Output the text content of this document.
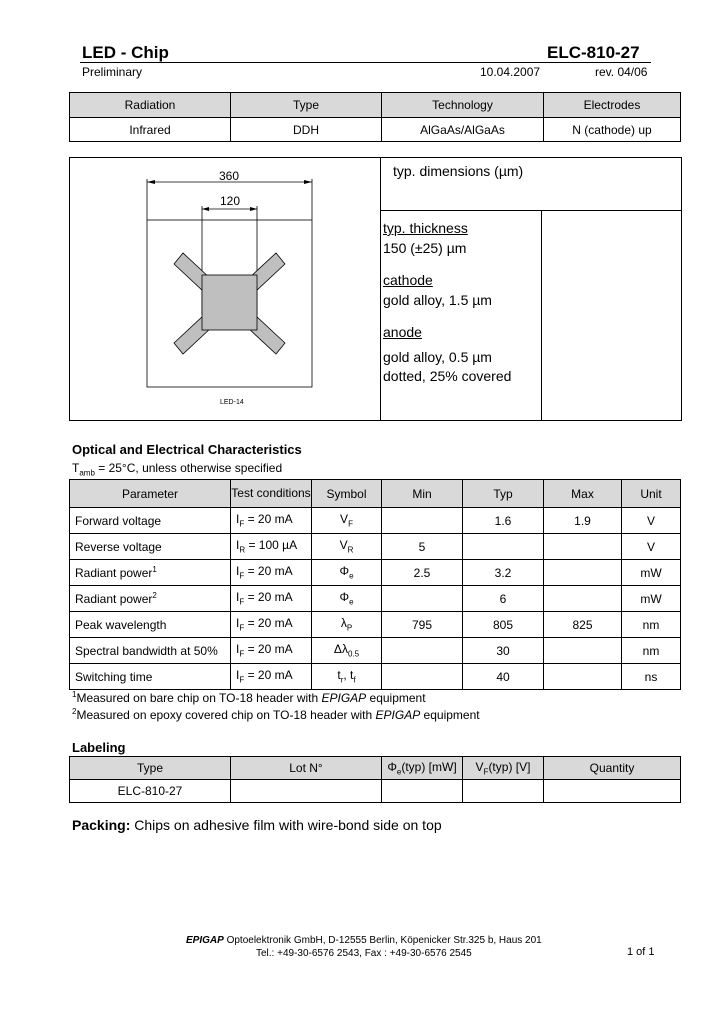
LED - Chip	ELC-810-27
Preliminary	10.04.2007	rev. 04/06
Radiation	Type	Technology	Electrodes
Infrared	DDH	AlGaAs/AlGaAs	N (cathode) up
360
120
LED-14
typ. dimensions (µm)
typ. thickness
150 (±25) µm
cathode
gold alloy, 1.5 µm
anode
gold alloy, 0.5 µm
dotted, 25% covered
Optical and Electrical Characteristics
$T_{amb} = 25^\circ C$, unless otherwise specified
Parameter	Test conditions	Symbol	Min	Typ	Max	Unit
Forward voltage	$I_F = 20$ mA	$V_F$		1.6	1.9	V
Reverse voltage	$I_R = 100$ µA	$V_R$	5			V
Radiant power$^1$	$I_F = 20$ mA	$\Phi_e$	2.5	3.2		mW
Radiant power$^2$	$I_F = 20$ mA	$\Phi_e$		6		mW
Peak wavelength	$I_F = 20$ mA	$\lambda_P$	795	805	825	nm
Spectral bandwidth at 50%	$I_F = 20$ mA	$\Delta\lambda_{0.5}$		30		nm
Switching time	$I_F = 20$ mA	$t_r$, $t_f$		40		ns
$^1$Measured on bare chip on TO-18 header with EPIGAP equipment
$^2$Measured on epoxy covered chip on TO-18 header with EPIGAP equipment
Labeling
Type	Lot N°	$\Phi_e(typ)$ [mW]	$V_F(typ)$ [V]	Quantity
ELC-810-27				
Packing: Chips on adhesive film with wire-bond side on top
EPIGAP Optoelektronik GmbH, D-12555 Berlin, Köpenicker Str.325 b, Haus 201
Tel.: +49-30-6576 2543, Fax : +49-30-6576 2545	1 of 1
